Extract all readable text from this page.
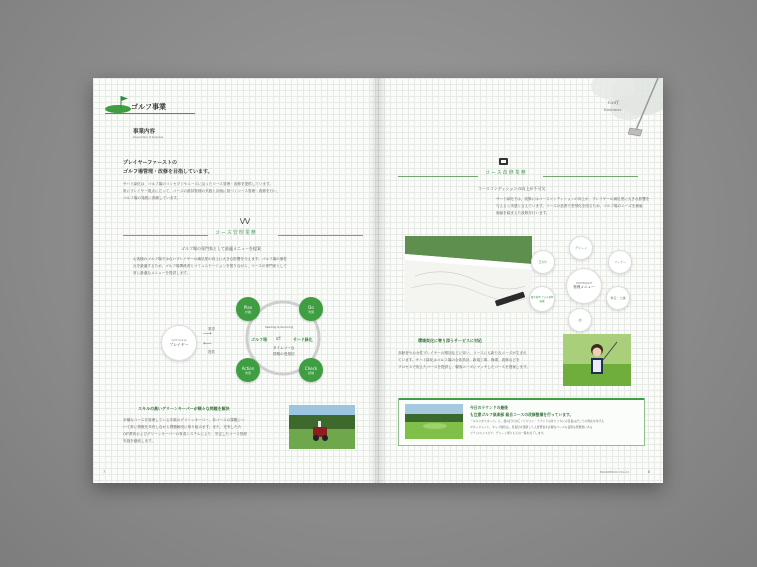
ゴルフ事業
事業内容
Description of business
プレイヤーファーストの
ゴルフ場管理・改修を目指しています。
サハド緑化は、ゴルフ場のコンセプトやニーズに沿ったコース管理・改修を提供しています。
常にプレイヤー視点に立って、コースの維持管理の実施と計画に基づくコース管理・改修を行い、
ゴルフ場の発展に貢献しています。
コース管理業務
ゴルフ場の専門家として最適メニューを提案
お客様のゴルフ場ではないプレイヤーの満足度の向上に大きな影響を与えます。ゴルフ場の個性
点を最適するため、ゴルフ場関係者とコミュニケーションを図りながら、コースの専門家として
常に最適なメニューを提供します。
Plan
計画
Do
実施
Check
評価
Action
改善
Seeding & Servicing
ゴルフ場	サハド緑化
⇄
タイムリーな
情報の受発信
Golf Course
プレイヤー
要望
⟶
⟵
提供
スキルの高いグリーンキーパーが様々な問題を解決
多種なコースを管理している多数のグリーンキーパー、各コースの課題につ
いて常に情報を共有しながら問題解決に取り組みます。また、充実したた
OJT教育およびグリーンキーパーの育成システムにより、安定したコース管理
実施を継続します。
7
Golf
business
コース改修業務
コースコンディションの向上が不可欠
サハド緑化では、改修にはコースコンディションの向上が、プレイヤーの満足度に大きな影響を
与えると実感と言えています。コースの品質で差別化を図るため、ゴルフ場のニーズを価値
価値を踏まえた改修を行います。
MAINTENANCE
管理メニュー
グリーン
フェアー
芝刈り
池
樹木管理 グラス管理 整備
剪定・土壌
環境変化に寄り添うサービスに対応
高齢者やお女性プレイヤーの増加などに伴い、コースにも新たなニーズが生まれ
ています。サハド緑化はゴルフ場の全体設計、新規工事、修繕、改修などを
プロセスで捉えたコースを提供し、顧客ニーズにマッチしたコースを提案します。
今日のラウンドの最後
も注意ゴルフ倶楽部 総合コースの改修整備を行っています。
「ゴルフがスポーツ」に、揺の打ちが広くビジョン・ラウンドの計りうちにの目指はだしての現在を付ける
マネージメント、キャプ緑化は、見直好を更新して人材整表を必要なペースの良質な原整態にある
プラン/センスピア、グリーン周りもその一般を完了します。
BRANDBOOK VOL.04	8
